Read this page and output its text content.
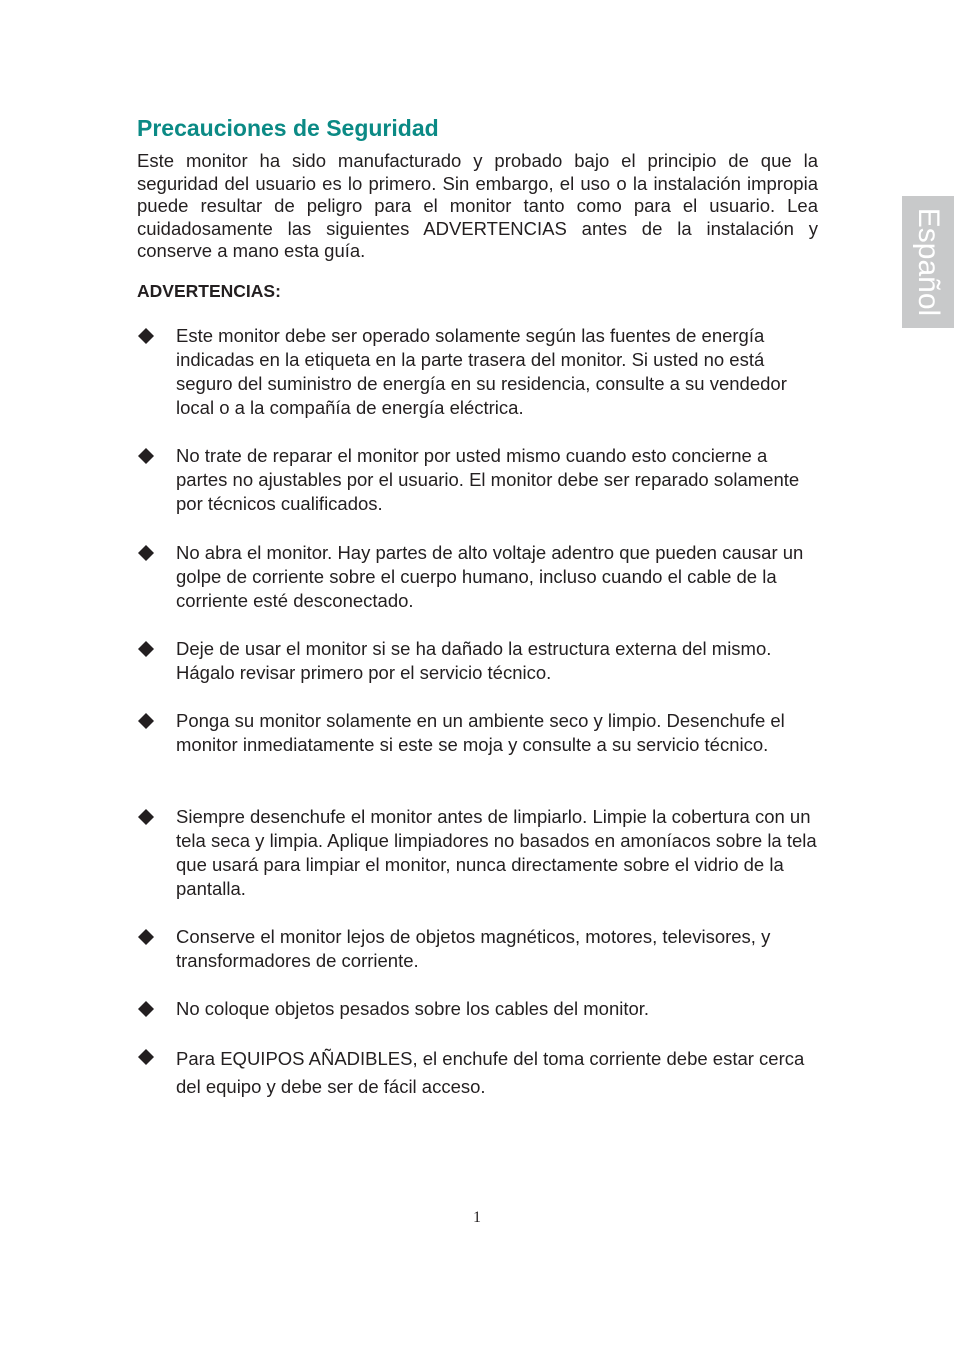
Precauciones de Seguridad

Este monitor ha sido manufacturado y probado bajo el principio de que la seguridad del usuario es lo primero. Sin embargo, el uso o la instalación impropia puede resultar de peligro para el monitor tanto como para el usuario. Lea cuidadosamente las siguientes ADVERTENCIAS antes de la instalación y conserve a mano esta guía.

ADVERTENCIAS:

Este monitor debe ser operado solamente según las fuentes de energía indicadas en la etiqueta en la parte trasera del monitor. Si usted no está seguro del suministro de energía en su residencia, consulte a su vendedor local o a la compañía de energía eléctrica.

No trate de reparar el monitor por usted mismo cuando esto concierne a partes no ajustables por el usuario. El monitor debe ser reparado solamente por técnicos cualificados.

No abra el monitor. Hay partes de alto voltaje adentro que pueden causar un golpe de corriente sobre el cuerpo humano, incluso cuando el cable de la corriente esté desconectado.

Deje de usar el monitor si se ha dañado la estructura externa del mismo. Hágalo revisar primero por el servicio técnico.

Ponga su monitor solamente en un ambiente seco y limpio. Desenchufe el monitor inmediatamente si este se moja y consulte a su servicio técnico.

Siempre desenchufe el monitor antes de limpiarlo. Limpie la cobertura con un tela seca y limpia. Aplique limpiadores no basados en amoníacos sobre la tela que usará para limpiar el monitor, nunca directamente sobre el vidrio de la pantalla.

Conserve el monitor lejos de objetos magnéticos, motores, televisores, y transformadores de corriente.

No coloque objetos pesados sobre los cables del monitor.

Para EQUIPOS AÑADIBLES, el enchufe del toma corriente debe estar cerca del equipo y debe ser de fácil acceso.

Español
1
